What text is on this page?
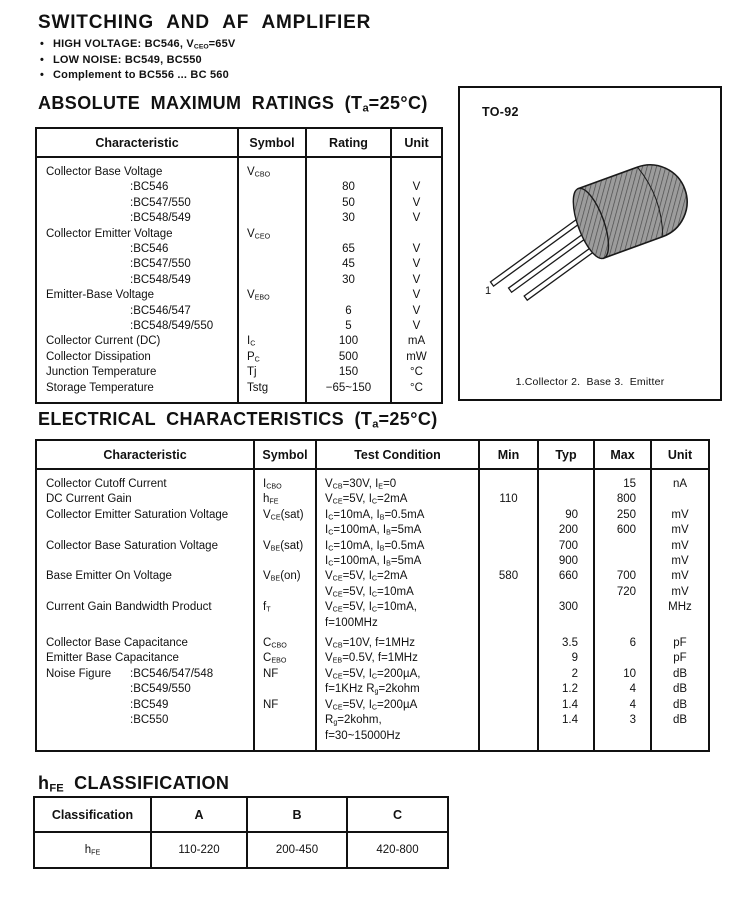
SWITCHING AND AF AMPLIFIER
• HIGH VOLTAGE: BC546, $V_{CEO}=65V$
• LOW NOISE: BC549, BC550
• Complement to BC556 ... BC 560
ABSOLUTE MAXIMUM RATINGS $(T_a=25^\circ C)$
Characteristic	Symbol	Rating	Unit
Collector Base Voltage	$V_{CBO}$		

:BC546		80	V

:BC547/550		50	V

:BC548/549		30	V
Collector Emitter Voltage	$V_{CEO}$		

:BC546		65	V

:BC547/550		45	V

:BC548/549		30	V
Emitter-Base Voltage	$V_{EBO}$		V

:BC546/547		6	V

:BC548/549/550		5	V
Collector Current (DC)	$I_C$	100	mA
Collector Dissipation	$P_C$	500	mW
Junction Temperature	Tj	150	°C
Storage Temperature	Tstg	−65~150	°C
TO-92
1
1.Collector 2.  Base 3.  Emitter
ELECTRICAL CHARACTERISTICS $(T_a=25^\circ C)$
Characteristic	Symbol	Test Condition	Min	Typ	Max	Unit
Collector Cutoff Current	$I_{CBO}$	$V_{CB}=30V$, $I_E=0$			15	nA
DC Current Gain	$h_{FE}$	$V_{CE}=5V$, $I_C=2mA$	110		800	
Collector Emitter Saturation Voltage	$V_{CE}(sat)$	$I_C=10mA$, $I_B=0.5mA$		90	250	mV

		$I_C=100mA$, $I_B=5mA$		200	600	mV
Collector Base Saturation Voltage	$V_{BE}(sat)$	$I_C=10mA$, $I_B=0.5mA$		700		mV

		$I_C=100mA$, $I_B=5mA$		900		mV
Base Emitter On Voltage	$V_{BE}(on)$	$V_{CE}=5V$, $I_C=2mA$	580	660	700	mV

		$V_{CE}=5V$, $I_C=10mA$			720	mV
Current Gain Bandwidth Product	$f_T$	$V_{CE}=5V$, $I_C=10mA$,		300		MHz

		f=100MHz				

Collector Base Capacitance	$C_{CBO}$	$V_{CB}=10V$, f=1MHz		3.5	6	pF
Emitter Base Capacitance	$C_{EBO}$	$V_{EB}=0.5V$, f=1MHz		9		pF
Noise Figure :BC546/547/548	NF	$V_{CE}=5V$, $I_C=200\mu A$,		2	10	dB

:BC549/550		f=1KHz $R_g=2kohm$		1.2	4	dB

:BC549	NF	$V_{CE}=5V$, $I_C=200\mu A$		1.4	4	dB

:BC550		$R_g=2kohm$,		1.4	3	dB

		f=30~15000Hz				
$h_{FE}$ CLASSIFICATION
Classification	A	B	C
$h_{FE}$	110-220	200-450	420-800
